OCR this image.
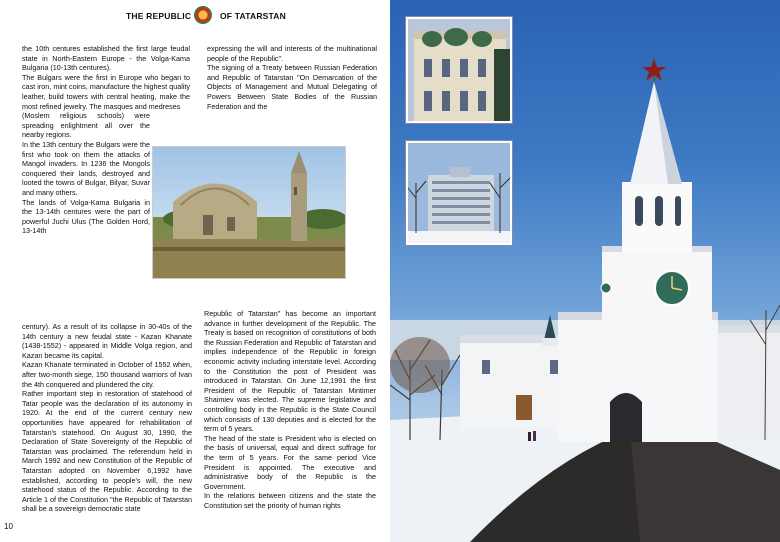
THE REPUBLIC	OF TATARSTAN

the 10th centures established the first large feudal state in North-Eastern Europe - the Volga-Kama Bulgaria (10-13th centures).

The Bulgars were the first in Europe who began to cast iron, mint coins, manufacture the highest quality leather, build towers with central heating, make the most refined jewelry. The masques and medreses

(Moslem religious schools) were spreading enlightment all over the nearby regions.

In the 13th century the Bulgars were the first who took on them the attacks of Mangol invaders. In 1236 the Mongols conquered their lands, destroyed and looted the towns of Bulgar, Bilyar, Suvar and many others.

The lands of Volga-Kama Bulgaria in the 13-14th centures were the part of powerful Juchi Ulus (The Golden Hord, 13-14th

expressing the will and interests of the multinational people of the Republic".

The signing of a Treaty between Russian Federation and Republic of Tatarstan "On Demarcation of the Objects of Management and Mutual Delegating of Powers Between State Bodies of the Russian Federation and the

century). As a result of its collapse in 30-40s of the 14th century a new feudal state - Kazan Khanate (1438-1552) - appeared in Middle Volga region, and Kazan became its capital.

Kazan Khanate terminated in October of 1552 when, after two-month siege, 150 thousand warriors of Ivan the 4th conquered and plundered the city.

Rather important step in restoration of statehood of Tatar people was the declaration of its autonomy in 1920. At the end of the current century new opportunities have appeared for rehabilitation of Tatarstan's statehood. On August 30, 1990, the Declaration of State Sovereignty of the Republic of Tatarstan was proclaimed. The referendum held in March 1992 and new Constitution of the Republic of Tatarstan adopted on November 6,1992 have established, according to people's will, the new statehood status of the Republic. According to the Article 1 of the Constitution "the Republic of Tatarstan shall be a sovereign democratic state

Republic of Tatarstan" has become an important advance in further development of the Republic. The Treaty is based on recognition of constitutions of both the Russian Federation and Republic of Tatarstan and implies independence of the Republic in foreign economic activity including interstate level. According to the Constitution the post of President was introduced in Tatarstan. On June 12,1991 the first President of the Republic of Tatarstan Mintimer Shaimiev was elected. The supreme legislative and controlling body in the Republic is the State Council which consists of 130 deputies and is elected for the term of 5 years.

The head of the state is President who is elected on the basis of universal, equal and direct suffrage for the term of 5 years. For the same period Vice President is appointed. The executive and administrative body of the Republic is the Government.

In the relations between citizens and the state the Constitution set the priority of human rights

10
